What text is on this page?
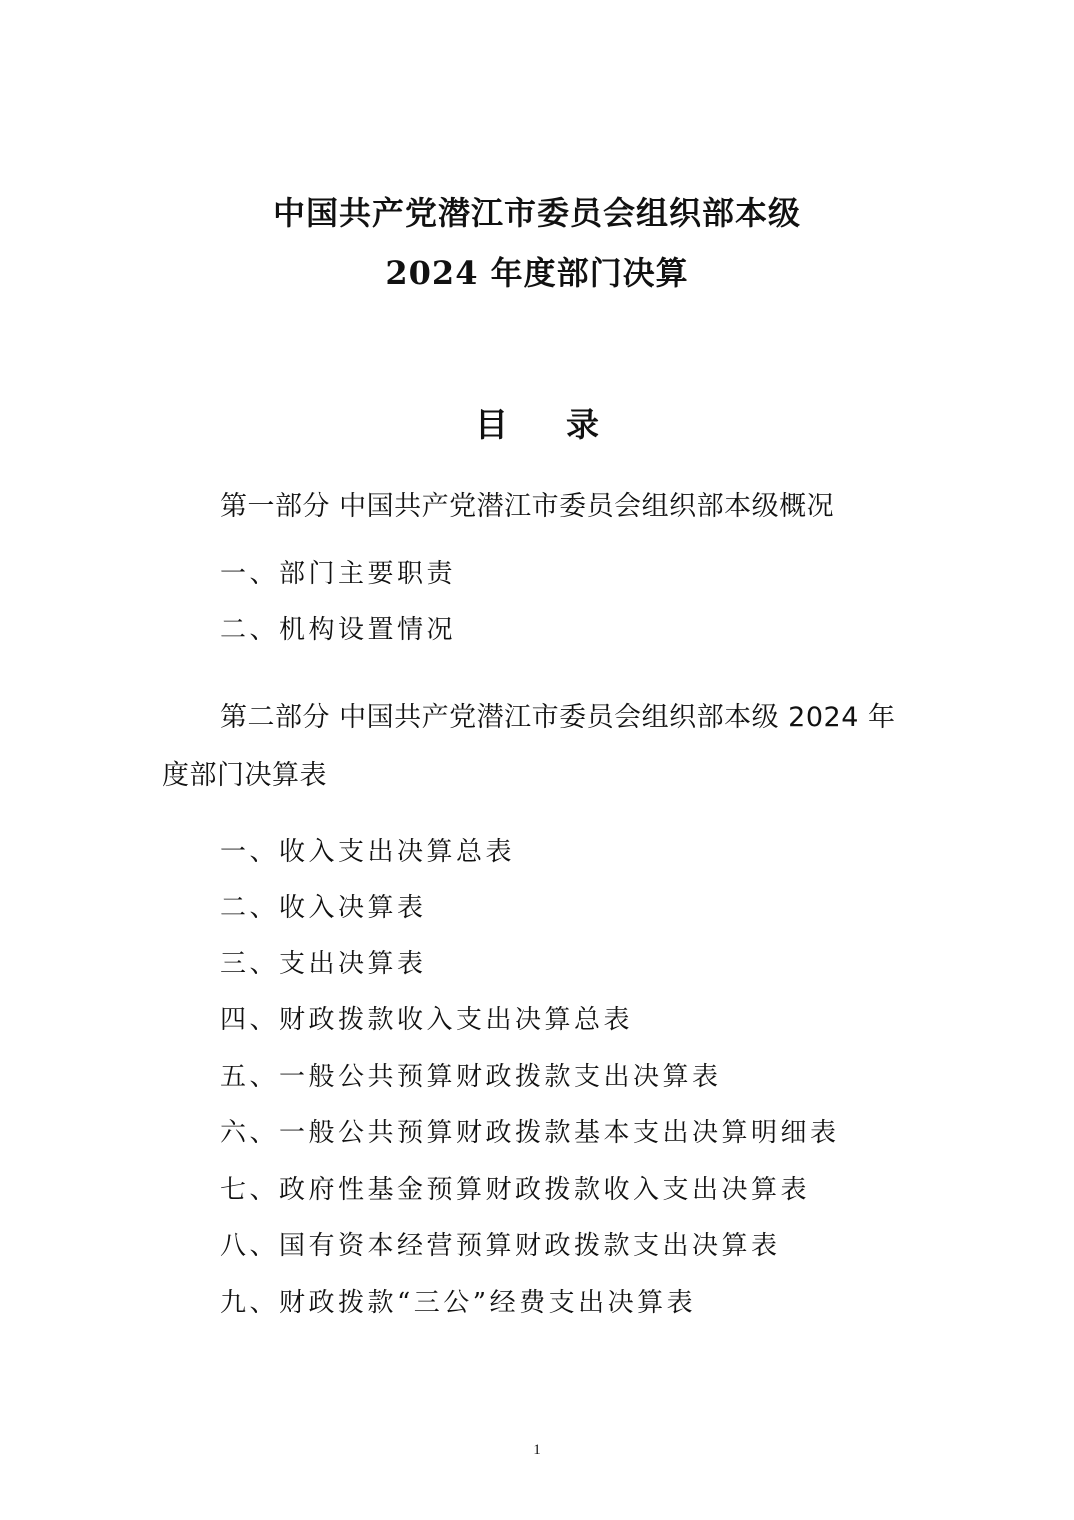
中国共产党潜江市委员会组织部本级
2024 年度部门决算
目录
第一部分 中国共产党潜江市委员会组织部本级概况
一、部门主要职责
二、机构设置情况
第二部分 中国共产党潜江市委员会组织部本级 2024 年度部门决算表
一、收入支出决算总表
二、收入决算表
三、支出决算表
四、财政拨款收入支出决算总表
五、一般公共预算财政拨款支出决算表
六、一般公共预算财政拨款基本支出决算明细表
七、政府性基金预算财政拨款收入支出决算表
八、国有资本经营预算财政拨款支出决算表
九、财政拨款“三公”经费支出决算表
1
